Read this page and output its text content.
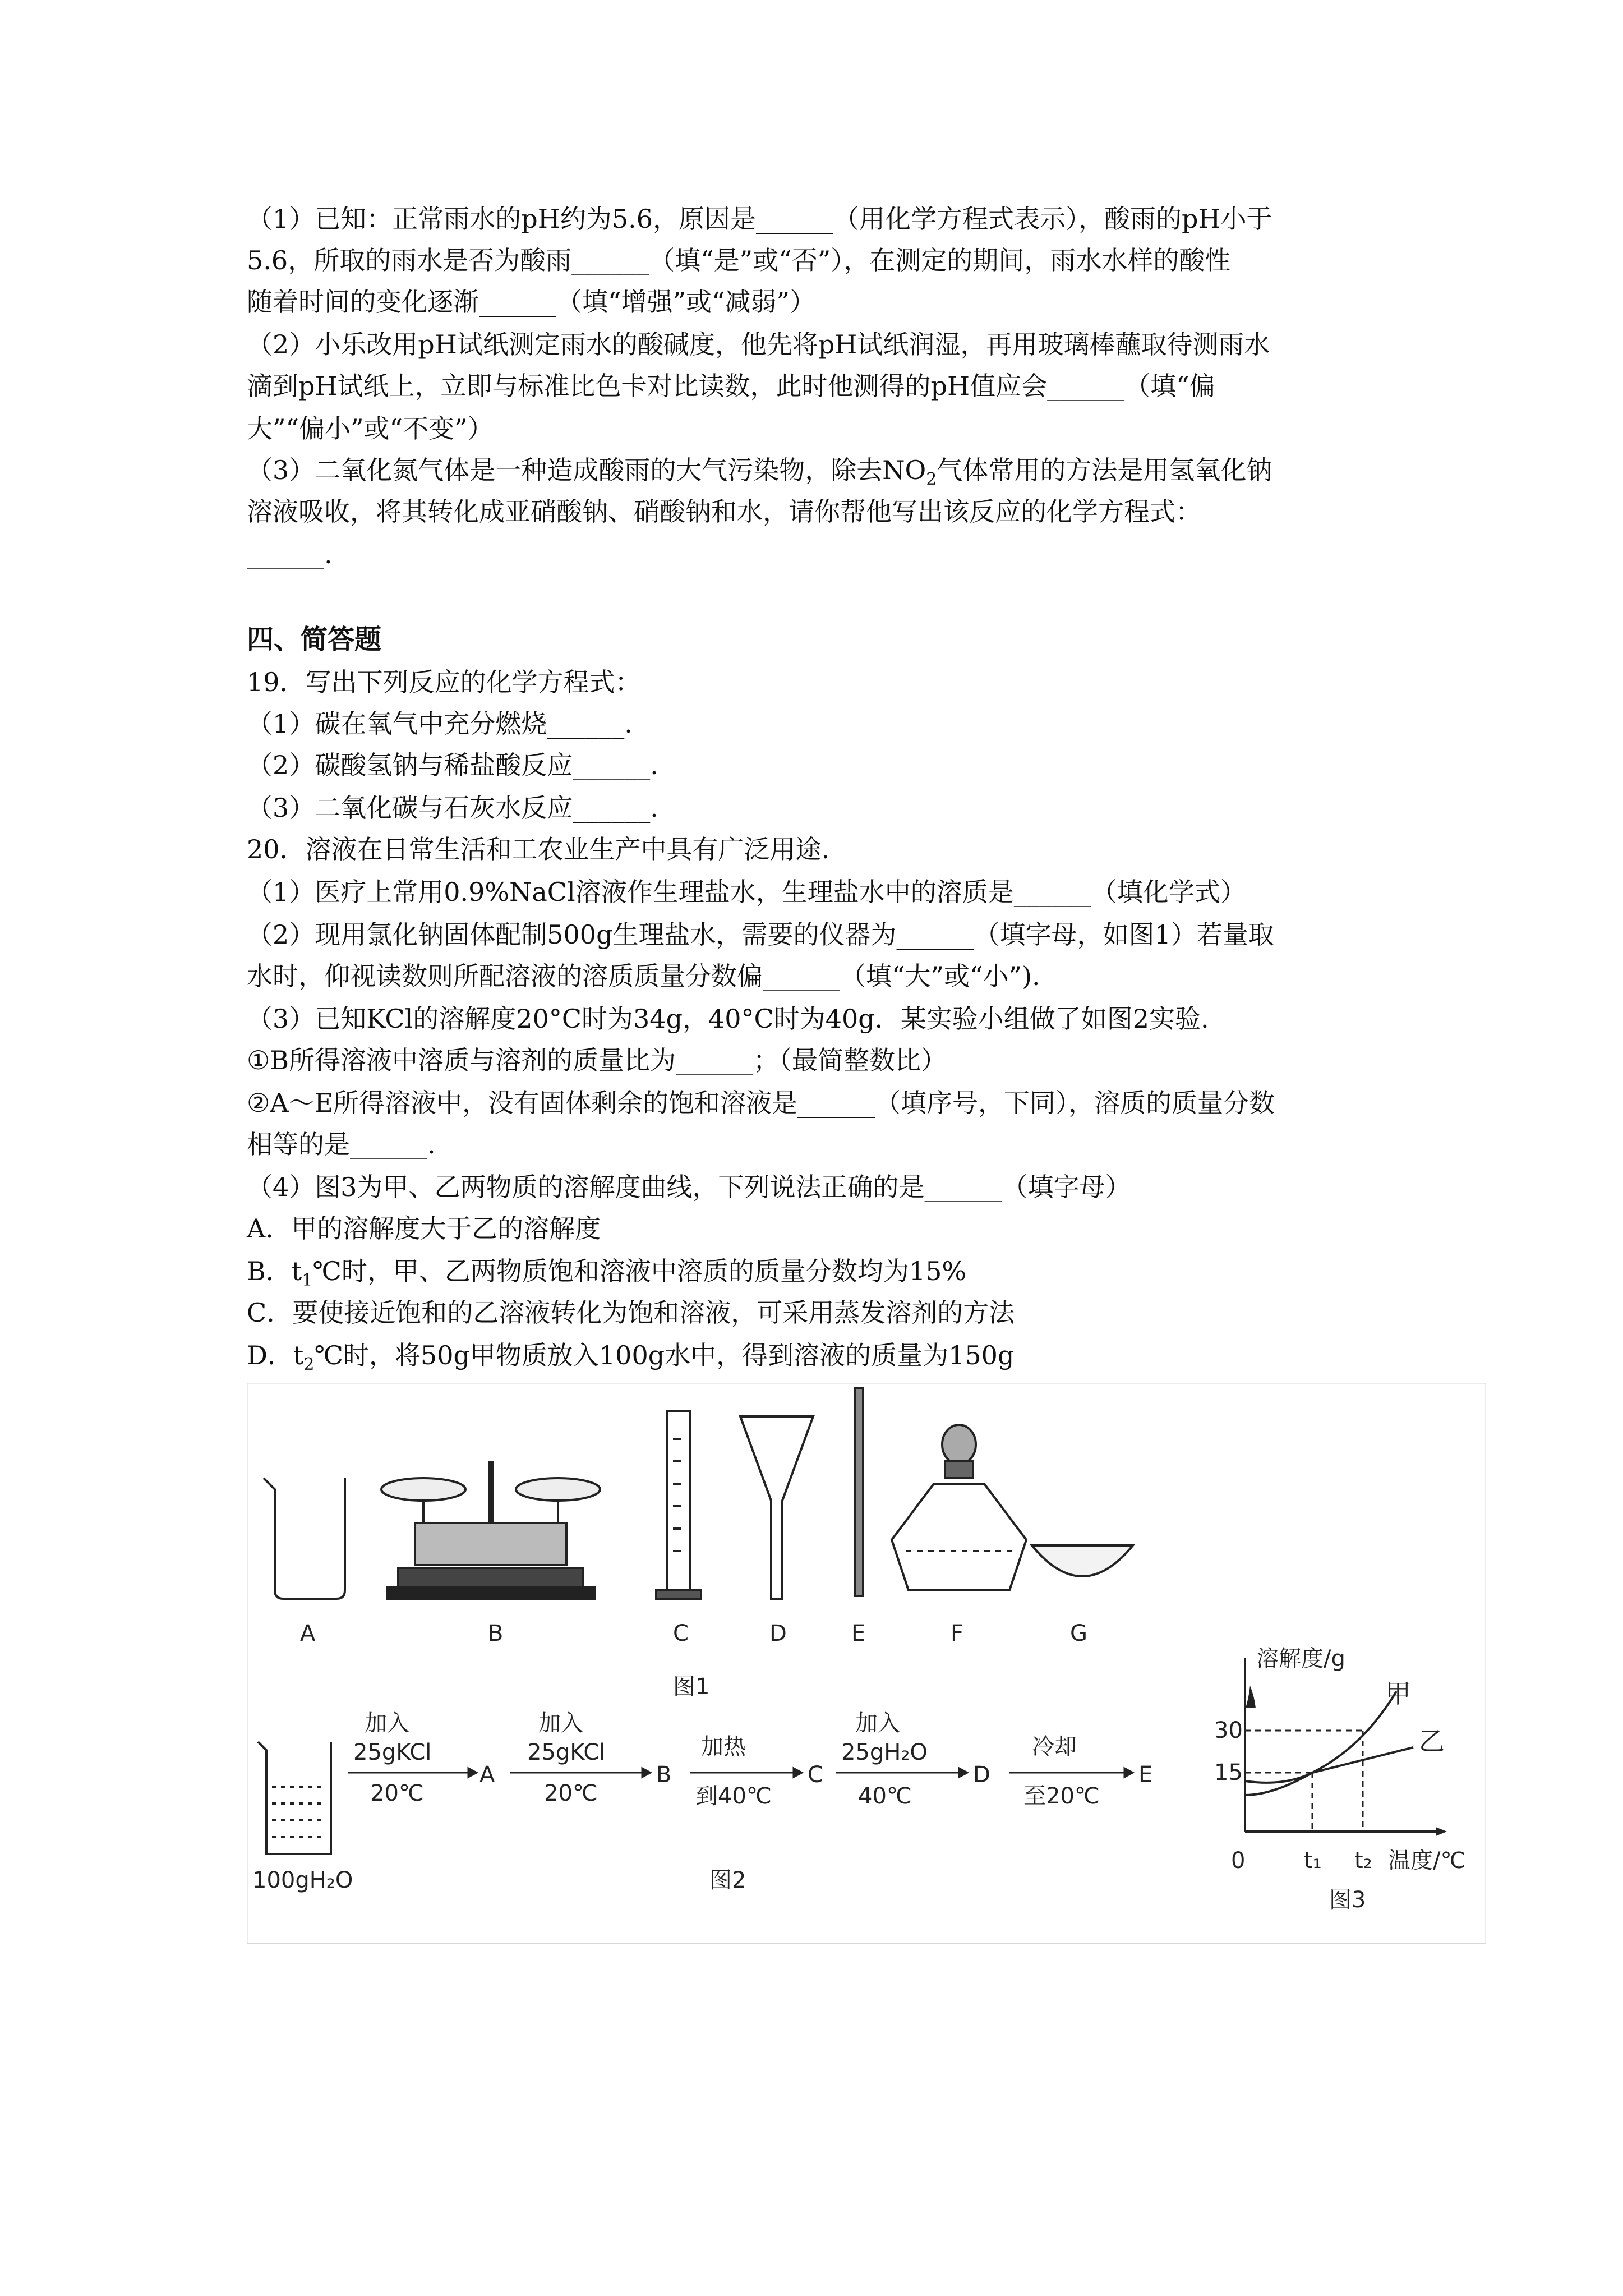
（1）已知：正常雨水的pH约为5.6，原因是______（用化学方程式表示），酸雨的pH小于
5.6，所取的雨水是否为酸雨______（填“是”或“否”），在测定的期间，雨水水样的酸性
随着时间的变化逐渐______（填“增强”或“减弱”）
（2）小乐改用pH试纸测定雨水的酸碱度，他先将pH试纸润湿，再用玻璃棒蘸取待测雨水
滴到pH试纸上，立即与标准比色卡对比读数，此时他测得的pH值应会______（填“偏
大”“偏小”或“不变”）
（3）二氧化氮气体是一种造成酸雨的大气污染物，除去$NO_2$气体常用的方法是用氢氧化钠
溶液吸收，将其转化成亚硝酸钠、硝酸钠和水，请你帮他写出该反应的化学方程式：
______.
四、简答题
19．写出下列反应的化学方程式：
（1）碳在氧气中充分燃烧______.
（2）碳酸氢钠与稀盐酸反应______.
（3）二氧化碳与石灰水反应______.
20．溶液在日常生活和工农业生产中具有广泛用途.
（1）医疗上常用0.9%NaCl溶液作生理盐水，生理盐水中的溶质是______（填化学式）
（2）现用氯化钠固体配制500g生理盐水，需要的仪器为______（填字母，如图1）若量取
水时，仰视读数则所配溶液的溶质质量分数偏______（填“大”或“小”).
（3）已知KCl的溶解度20°C时为34g，40°C时为40g．某实验小组做了如图2实验.
①B所得溶液中溶质与溶剂的质量比为______；（最简整数比）
②A～E所得溶液中，没有固体剩余的饱和溶液是______（填序号，下同），溶质的质量分数
相等的是______.
（4）图3为甲、乙两物质的溶解度曲线，下列说法正确的是______（填字母）
A．甲的溶解度大于乙的溶解度
B．$t_1℃$时，甲、乙两物质饱和溶液中溶质的质量分数均为15%
C．要使接近饱和的乙溶液转化为饱和溶液，可采用蒸发溶剂的方法
D．$t_2℃$时，将50g甲物质放入100g水中，得到溶液的质量为150g
A	B	C	D	E	F	G
图1
100gH₂O
加入
25gKCl
20℃
A
加入
25gKCl
20℃
B
加热
到40℃
C
加入
25gH₂O
40℃
D
冷却
至20℃
E
图2
溶解度/g
30
15
0	t₁ t₂ 温度/℃
甲
乙
图3
